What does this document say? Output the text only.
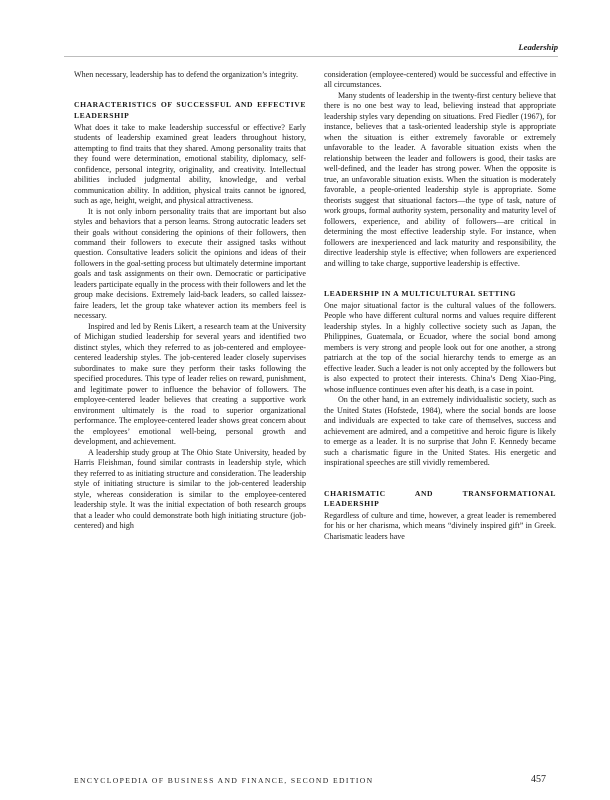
Leadership

When necessary, leadership has to defend the organization’s integrity.

CHARACTERISTICS OF SUCCESSFUL AND EFFECTIVE LEADERSHIP

What does it take to make leadership successful or effective? Early students of leadership examined great leaders throughout history, attempting to find traits that they shared. Among personality traits that they found were determination, emotional stability, diplomacy, self-confidence, personal integrity, originality, and creativity. Intellectual abilities included judgmental ability, knowledge, and verbal communication ability. In addition, physical traits cannot be ignored, such as age, height, weight, and physical attractiveness.

It is not only inborn personality traits that are important but also styles and behaviors that a person learns. Strong autocratic leaders set their goals without considering the opinions of their followers, then command their followers to execute their assigned tasks without question. Consultative leaders solicit the opinions and ideas of their followers in the goal-setting process but ultimately determine important goals and task assignments on their own. Democratic or participative leaders participate equally in the process with their followers and let the group make decisions. Extremely laid-back leaders, so called laissez-faire leaders, let the group take whatever action its members feel is necessary.

Inspired and led by Renis Likert, a research team at the University of Michigan studied leadership for several years and identified two distinct styles, which they referred to as job-centered and employee-centered leadership styles. The job-centered leader closely supervises subordinates to make sure they perform their tasks following the specified procedures. This type of leader relies on reward, punishment, and legitimate power to influence the behavior of followers. The employee-centered leader believes that creating a supportive work environment ultimately is the road to superior organizational performance. The employee-centered leader shows great concern about the employees’ emotional well-being, personal growth and development, and achievement.

A leadership study group at The Ohio State University, headed by Harris Fleishman, found similar contrasts in leadership style, which they referred to as initiating structure and consideration. The leadership style of initiating structure is similar to the job-centered leadership style, whereas consideration is similar to the employee-centered leadership style. It was the initial expectation of both research groups that a leader who could demonstrate both high initiating structure (job-centered) and high

consideration (employee-centered) would be successful and effective in all circumstances.

Many students of leadership in the twenty-first century believe that there is no one best way to lead, believing instead that appropriate leadership styles vary depending on situations. Fred Fiedler (1967), for instance, believes that a task-oriented leadership style is appropriate when the situation is either extremely favorable or extremely unfavorable to the leader. A favorable situation exists when the relationship between the leader and followers is good, their tasks are well-defined, and the leader has strong power. When the opposite is true, an unfavorable situation exists. When the situation is moderately favorable, a people-oriented leadership style is appropriate. Some theorists suggest that situational factors—the type of task, nature of work groups, formal authority system, personality and maturity level of followers, experience, and ability of followers—are critical in determining the most effective leadership style. For instance, when followers are inexperienced and lack maturity and responsibility, the directive leadership style is effective; when followers are experienced and willing to take charge, supportive leadership is effective.

LEADERSHIP IN A MULTICULTURAL SETTING

One major situational factor is the cultural values of the followers. People who have different cultural norms and values require different leadership styles. In a highly collective society such as Japan, the Philippines, Guatemala, or Ecuador, where the social bond among members is very strong and people look out for one another, a strong patriarch at the top of the social hierarchy tends to emerge as an effective leader. Such a leader is not only accepted by the followers but is also expected to protect their interests. China’s Deng Xiao-Ping, whose influence continues even after his death, is a case in point.

On the other hand, in an extremely individualistic society, such as the United States (Hofstede, 1984), where the social bonds are loose and individuals are expected to take care of themselves, success and achievement are admired, and a competitive and heroic figure is likely to emerge as a leader. It is no surprise that John F. Kennedy became such a charismatic figure in the United States. His energetic and inspirational speeches are still vividly remembered.

CHARISMATIC AND TRANSFORMATIONAL LEADERSHIP

Regardless of culture and time, however, a great leader is remembered for his or her charisma, which means “divinely inspired gift” in Greek. Charismatic leaders have

ENCYCLOPEDIA OF BUSINESS AND FINANCE, SECOND EDITION	457
